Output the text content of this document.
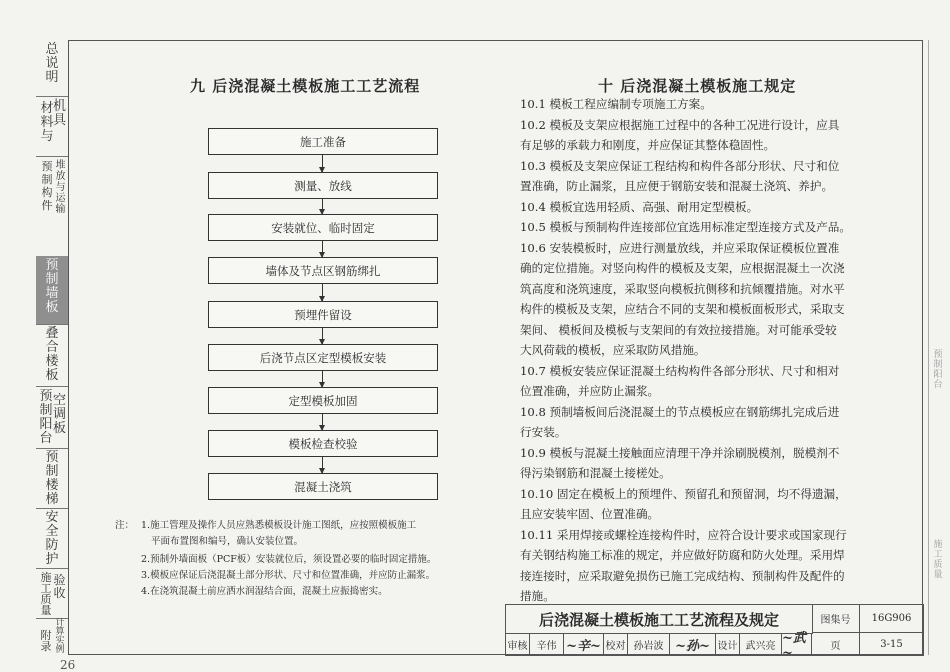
总说明
材料与
机具
预制构件
堆放与运输
预制墙板
叠合楼板
预制阳台
空调板
预制楼梯
安全防护
施工质量
验收
附录
计算实例
九 后浇混凝土模板施工工艺流程
施工准备
测量、放线
安装就位、临时固定
墙体及节点区钢筋绑扎
预埋件留设
后浇节点区定型模板安装
定型模板加固
模板检查校验
混凝土浇筑
注： 1.施工管理及操作人员应熟悉模板设计施工图纸，应按照模板施工
平面布置图和编号，确认安装位置。
2.预制外墙面板（PCF板）安装就位后，须设置必要的临时固定措施。
3.模板应保证后浇混凝土部分形状、尺寸和位置准确，并应防止漏浆。
4.在浇筑混凝土前应洒水润湿结合面，混凝土应振捣密实。
十 后浇混凝土模板施工规定
10.1 模板工程应编制专项施工方案。
10.2 模板及支架应根据施工过程中的各种工况进行设计，应具
有足够的承载力和刚度，并应保证其整体稳固性。
10.3 模板及支架应保证工程结构和构件各部分形状、尺寸和位
置准确，防止漏浆，且应便于钢筋安装和混凝土浇筑、养护。
10.4 模板宜选用轻质、高强、耐用定型模板。
10.5 模板与预制构件连接部位宜选用标准定型连接方式及产品。
10.6 安装模板时，应进行测量放线，并应采取保证模板位置准
确的定位措施。对竖向构件的模板及支架，应根据混凝土一次浇
筑高度和浇筑速度，采取竖向模板抗侧移和抗倾覆措施。对水平
构件的模板及支架，应结合不同的支架和模板面板形式，采取支
架间、 模板间及模板与支架间的有效拉接措施。对可能承受较
大风荷载的模板，应采取防风措施。
10.7 模板安装应保证混凝土结构构件各部分形状、尺寸和相对
位置准确，并应防止漏浆。
10.8 预制墙板间后浇混凝土的节点模板应在钢筋绑扎完成后进
行安装。
10.9 模板与混凝土接触面应清理干净并涂刷脱模剂，脱模剂不
得污染钢筋和混凝土接槎处。
10.10 固定在模板上的预埋件、预留孔和预留洞，均不得遗漏，
且应安装牢固、位置准确。
10.11 采用焊接或螺栓连接构件时，应符合设计要求或国家现行
有关钢结构施工标准的规定，并应做好防腐和防火处理。采用焊
接连接时，应采取避免损伤已施工完成结构、预制构件及配件的
措施。
后浇混凝土模板施工工艺流程及规定	图集号	16G906
审核 辛伟 ~辛~ 校对 孙岩波 ~孙~ 设计 武兴亮 ~武~	页	3-15
26
预制阳台
施工质量
